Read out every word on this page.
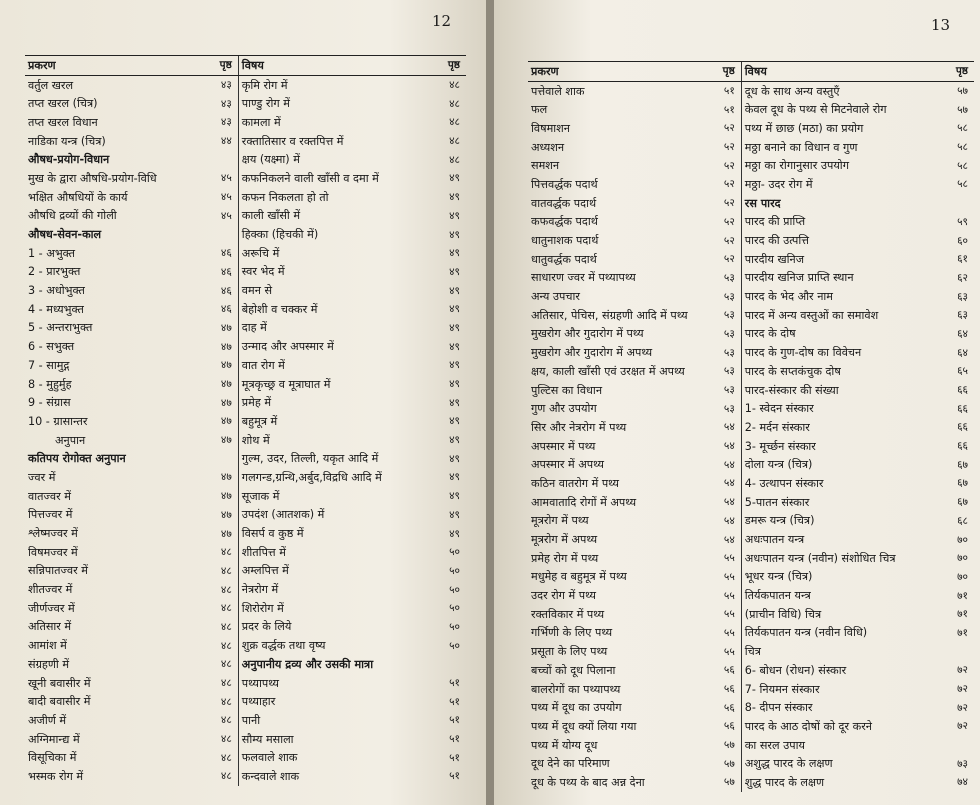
12
प्रकरण	पृष्ठ	विषय	पृष्ठ
वर्तुल खरल	४३	कृमि रोग में	४८
तप्त खरल (चित्र)	४३	पाण्डु रोग में	४८
तप्त खरल विधान	४३	कामला में	४८
नाडिका यन्त्र (चित्र)	४४	रक्तातिसार व रक्तपित्त में	४८
औषध-प्रयोग-विधान		क्षय (यक्ष्मा) में	४८
मुख के द्वारा औषधि-प्रयोग-विधि	४५	कफनिकलने वाली खाँसी व दमा में	४९
भक्षित औषधियों के कार्य	४५	कफन निकलता हो तो	४९
औषधि द्रव्यों की गोली	४५	काली खाँसी में	४९
औषध-सेवन-काल		हिक्का (हिचकी में)	४९
1 - अभुक्त	४६	अरूचि में	४९
2 - प्रारभुक्त	४६	स्वर भेद में	४९
3 - अधोभुक्त	४६	वमन से	४९
4 - मध्यभुक्त	४६	बेहोशी व चक्कर में	४९
5 - अन्तराभुक्त	४७	दाह में	४९
6 - सभुक्त	४७	उन्माद और अपस्मार में	४९
7 - सामुद्ग	४७	वात रोग में	४९
8 - मुहुर्मुह	४७	मूत्रकृच्छ्र व मूत्राघात में	४९
9 - संग्रास	४७	प्रमेह में	४९
10 - ग्रासान्तर	४७	बहुमूत्र में	४९
अनुपान	४७	शोथ में	४९
कतिपय रोगोक्त अनुपान		गुल्म, उदर, तिल्ली, यकृत आदि में	४९
ज्वर में	४७	गलगन्ड,ग्रन्थि,अर्बुद,विद्रधि आदि में	४९
वातज्वर में	४७	सूजाक में	४९
पित्तज्वर में	४७	उपदंश (आतशक) में	४९
श्लेष्मज्वर में	४७	विसर्प व कुष्ठ में	४९
विषमज्वर में	४८	शीतपित्त में	५०
सन्निपातज्वर में	४८	अम्लपित्त में	५०
शीतज्वर में	४८	नेत्ररोग में	५०
जीर्णज्वर में	४८	शिरोरोग में	५०
अतिसार में	४८	प्रदर के लिये	५०
आमांश में	४८	शुक्र वर्द्धक तथा वृष्य	५०
संग्रहणी में	४८	अनुपानीय द्रव्य और उसकी मात्रा	
खूनी बवासीर में	४८	पथ्यापथ्य	५१
बादी बवासीर में	४८	पथ्याहार	५१
अजीर्ण में	४८	पानी	५१
अग्निमान्द्य में	४८	सौम्य मसाला	५१
विसूचिका में	४८	फलवाले शाक	५१
भस्मक रोग में	४८	कन्दवाले शाक	५१
13
प्रकरण	पृष्ठ	विषय	पृष्ठ
पत्तेवाले शाक	५१	दूध के साथ अन्य वस्तुएँ	५७
फल	५१	केवल दूध के पथ्य से मिटनेवाले रोग	५७
विषमाशन	५२	पथ्य में छाछ (मठा) का प्रयोग	५८
अध्यशन	५२	मठ्ठा बनाने का विधान व गुण	५८
समशन	५२	मठ्ठा का रोगानुसार उपयोग	५८
पित्तवर्द्धक पदार्थ	५२	मठ्ठा- उदर रोग में	५८
वातवर्द्धक पदार्थ	५२	रस पारद	
कफवर्द्धक पदार्थ	५२	पारद की प्राप्ति	५९
धातुनाशक पदार्थ	५२	पारद की उत्पत्ति	६०
धातुवर्द्धक पदार्थ	५२	पारदीय खनिज	६१
साधारण ज्वर में पथ्यापथ्य	५३	पारदीय खनिज प्राप्ति स्थान	६२
अन्य उपचार	५३	पारद के भेद और नाम	६३
अतिसार, पेचिस, संग्रहणी आदि में पथ्य	५३	पारद में अन्य वस्तुओं का समावेश	६३
मुखरोग और गुदारोग में पथ्य	५३	पारद के दोष	६४
मुखरोग और गुदारोग में अपथ्य	५३	पारद के गुण-दोष का विवेचन	६४
क्षय, काली खाँसी एवं उरक्षत में अपथ्य	५३	पारद के सप्तकंचुक दोष	६५
पुल्टिस का विधान	५३	पारद-संस्कार की संख्या	६६
गुण और उपयोग	५३	1- स्वेदन संस्कार	६६
सिर और नेत्ररोग में पथ्य	५४	2- मर्दन संस्कार	६६
अपस्मार में पथ्य	५४	3- मूर्च्छन संस्कार	६६
अपस्मार में अपथ्य	५४	दोला यन्त्र (चित्र)	६७
कठिन वातरोग में पथ्य	५४	4- उत्थापन संस्कार	६७
आमवातादि रोगों में अपथ्य	५४	5-पातन संस्कार	६७
मूत्ररोग में पथ्य	५४	डमरू यन्त्र (चित्र)	६८
मूत्ररोग में अपथ्य	५४	अधःपातन यन्त्र	७०
प्रमेह रोग में पथ्य	५५	अधःपातन यन्त्र (नवीन) संशोधित चित्र	७०
मधुमेह व बहुमूत्र में पथ्य	५५	भूधर यन्त्र (चित्र)	७०
उदर रोग में पथ्य	५५	तिर्यकपातन यन्त्र	७१
रक्तविकार में पथ्य	५५	(प्राचीन विधि) चित्र	७१
गर्भिणी के लिए पथ्य	५५	तिर्यकपातन यन्त्र (नवीन विधि)	७१
प्रसूता के लिए पथ्य	५५	चित्र	
बच्चों को दूध पिलाना	५६	6- बोधन (रोधन) संस्कार	७२
बालरोगों का पथ्यापथ्य	५६	7- नियमन संस्कार	७२
पथ्य में दूध का उपयोग	५६	8- दीपन संस्कार	७२
पथ्य में दूध क्यों लिया गया	५६	पारद के आठ दोषों को दूर करने	७२
पथ्य में योग्य दूध	५७	का सरल उपाय	
दूध देने का परिमाण	५७	अशुद्ध पारद के लक्षण	७३
दूध के पथ्य के बाद अन्न देना	५७	शुद्ध पारद के लक्षण	७४
